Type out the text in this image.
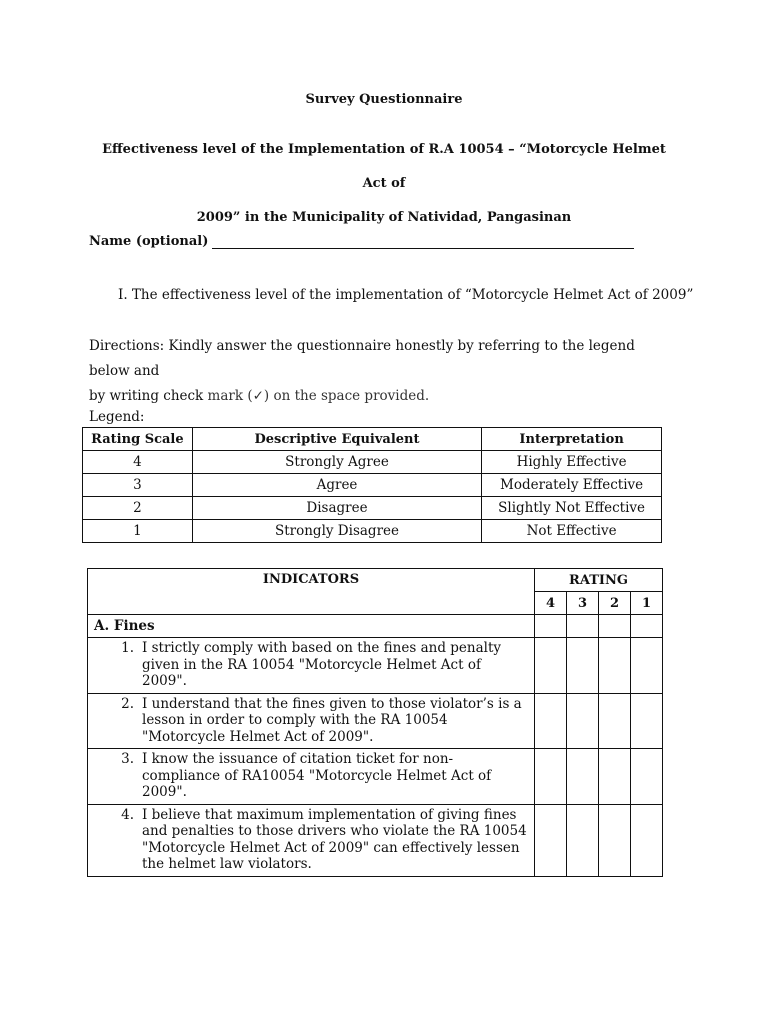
Survey Questionnaire
Effectiveness level of the Implementation of R.A 10054 – “Motorcycle Helmet Act of
2009” in the Municipality of Natividad, Pangasinan
Name (optional)
I. The effectiveness level of the implementation of “Motorcycle Helmet Act of 2009”
Directions: Kindly answer the questionnaire honestly by referring to the legend below and
by writing check mark (✓) on the space provided.
Legend:
Rating Scale	Descriptive Equivalent	Interpretation
4	Strongly Agree	Highly Effective
3	Agree	Moderately Effective
2	Disagree	Slightly Not Effective
1	Strongly Disagree	Not Effective
INDICATORS	RATING			
	4	3	2	1
A. Fines				

1. I strictly comply with based on the fines and penalty given in the RA 10054 "Motorcycle Helmet Act of 2009".				

2. I understand that the fines given to those violator’s is a lesson in order to comply with the RA 10054 "Motorcycle Helmet Act of 2009".				

3. I know the issuance of citation ticket for non-compliance of RA10054 "Motorcycle Helmet Act of 2009".				

4. I believe that maximum implementation of giving fines and penalties to those drivers who violate the RA 10054 "Motorcycle Helmet Act of 2009" can effectively lessen the helmet law violators.				
